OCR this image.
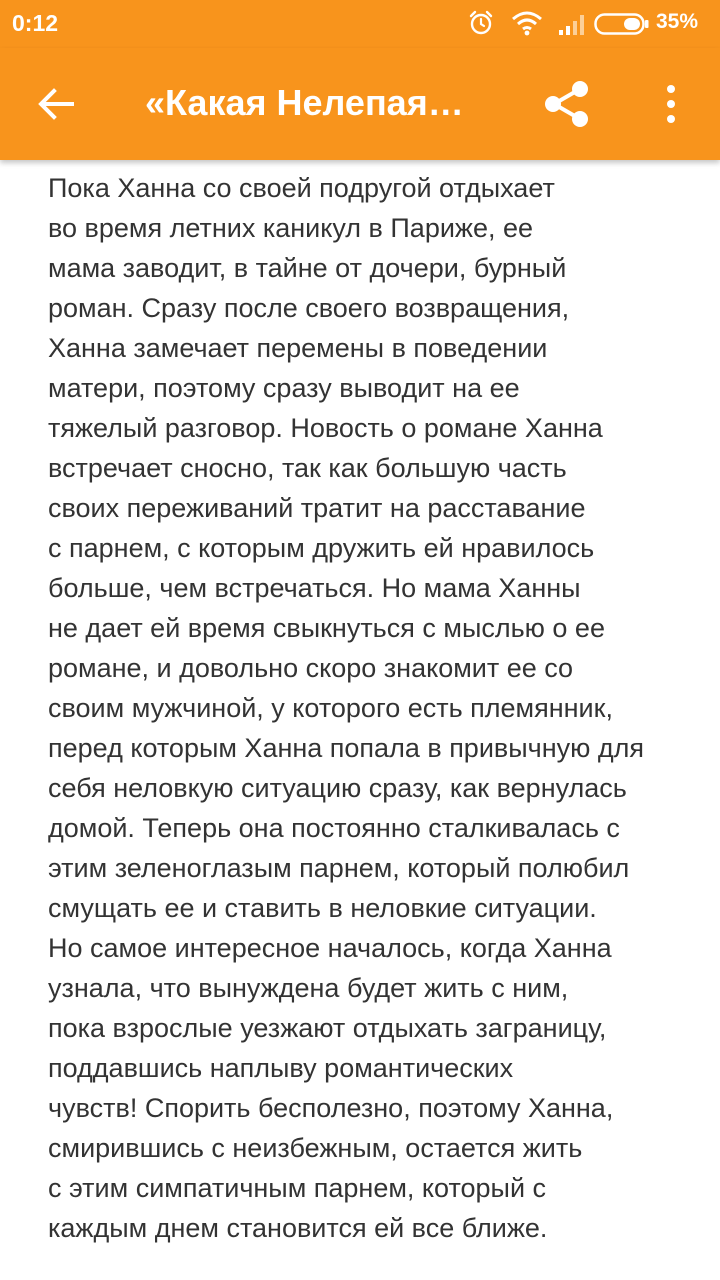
0:12	35%
«Какая Нелепая…
Пока Ханна со своей подругой отдыхает
во время летних каникул в Париже, ее
мама заводит, в тайне от дочери, бурный
роман. Сразу после своего возвращения,
Ханна замечает перемены в поведении
матери, поэтому сразу выводит на ее
тяжелый разговор. Новость о романе Ханна
встречает сносно, так как большую часть
своих переживаний тратит на расставание
с парнем, с которым дружить ей нравилось
больше, чем встречаться. Но мама Ханны
не дает ей время свыкнуться с мыслью о ее
романе, и довольно скоро знакомит ее со
своим мужчиной, у которого есть племянник,
перед которым Ханна попала в привычную для
себя неловкую ситуацию сразу, как вернулась
домой. Теперь она постоянно сталкивалась с
этим зеленоглазым парнем, который полюбил
смущать ее и ставить в неловкие ситуации.
Но самое интересное началось, когда Ханна
узнала, что вынуждена будет жить с ним,
пока взрослые уезжают отдыхать заграницу,
поддавшись наплыву романтических
чувств! Спорить бесполезно, поэтому Ханна,
смирившись с неизбежным, остается жить
с этим симпатичным парнем, который с
каждым днем становится ей все ближе.
